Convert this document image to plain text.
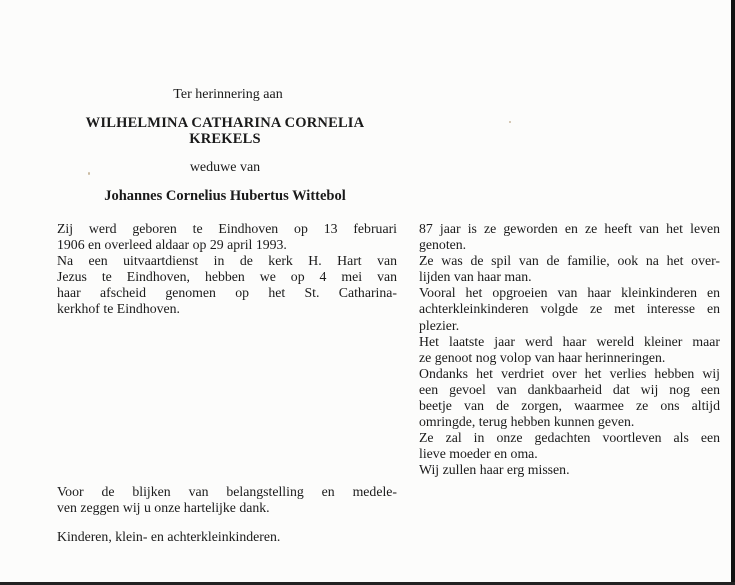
Ter herinnering aan
WILHELMINA CATHARINA CORNELIA
KREKELS
weduwe van
Johannes Cornelius Hubertus Wittebol
Zij werd geboren te Eindhoven op 13 februari
1906 en overleed aldaar op 29 april 1993.
Na een uitvaartdienst in de kerk H. Hart van
Jezus te Eindhoven, hebben we op 4 mei van
haar afscheid genomen op het St. Catharina-
kerkhof te Eindhoven.
87 jaar is ze geworden en ze heeft van het leven
genoten.
Ze was de spil van de familie, ook na het over-
lijden van haar man.
Vooral het opgroeien van haar kleinkinderen en
achterkleinkinderen volgde ze met interesse en
plezier.
Het laatste jaar werd haar wereld kleiner maar
ze genoot nog volop van haar herinneringen.
Ondanks het verdriet over het verlies hebben wij
een gevoel van dankbaarheid dat wij nog een
beetje van de zorgen, waarmee ze ons altijd
omringde, terug hebben kunnen geven.
Ze zal in onze gedachten voortleven als een
lieve moeder en oma.
Wij zullen haar erg missen.
Voor de blijken van belangstelling en medele-
ven zeggen wij u onze hartelijke dank.
Kinderen, klein- en achterkleinkinderen.
